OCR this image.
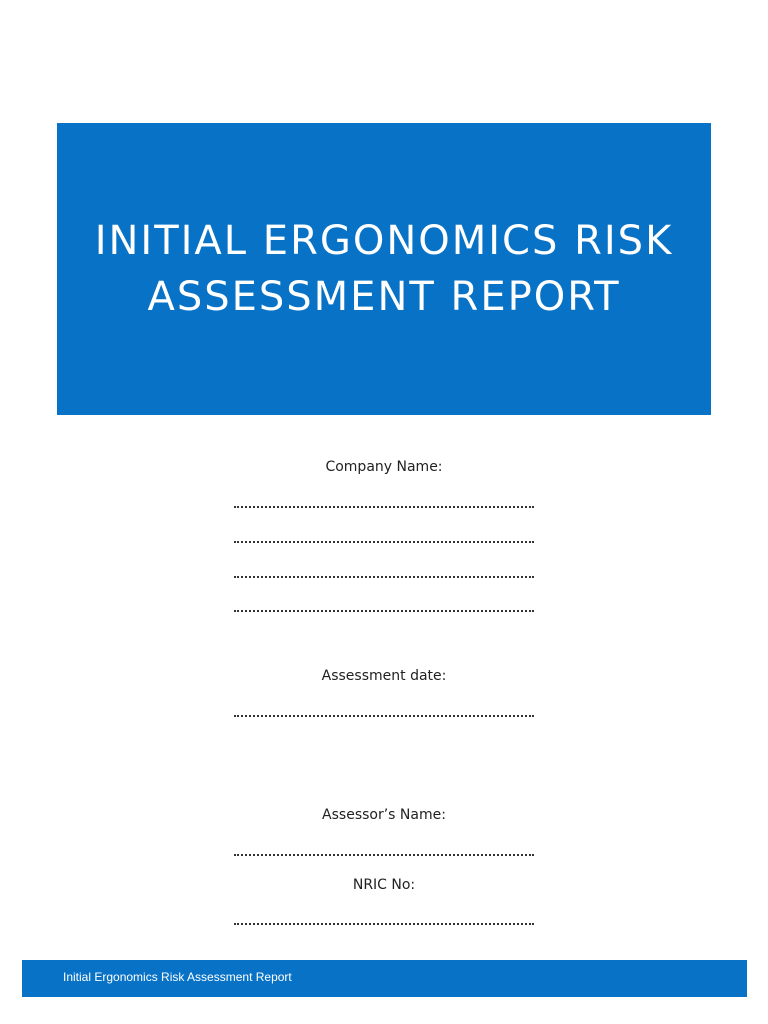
INITIAL ERGONOMICS RISK
ASSESSMENT REPORT

Company Name:

Assessment date:

Assessor’s Name:

NRIC No:

Initial Ergonomics Risk Assessment Report
